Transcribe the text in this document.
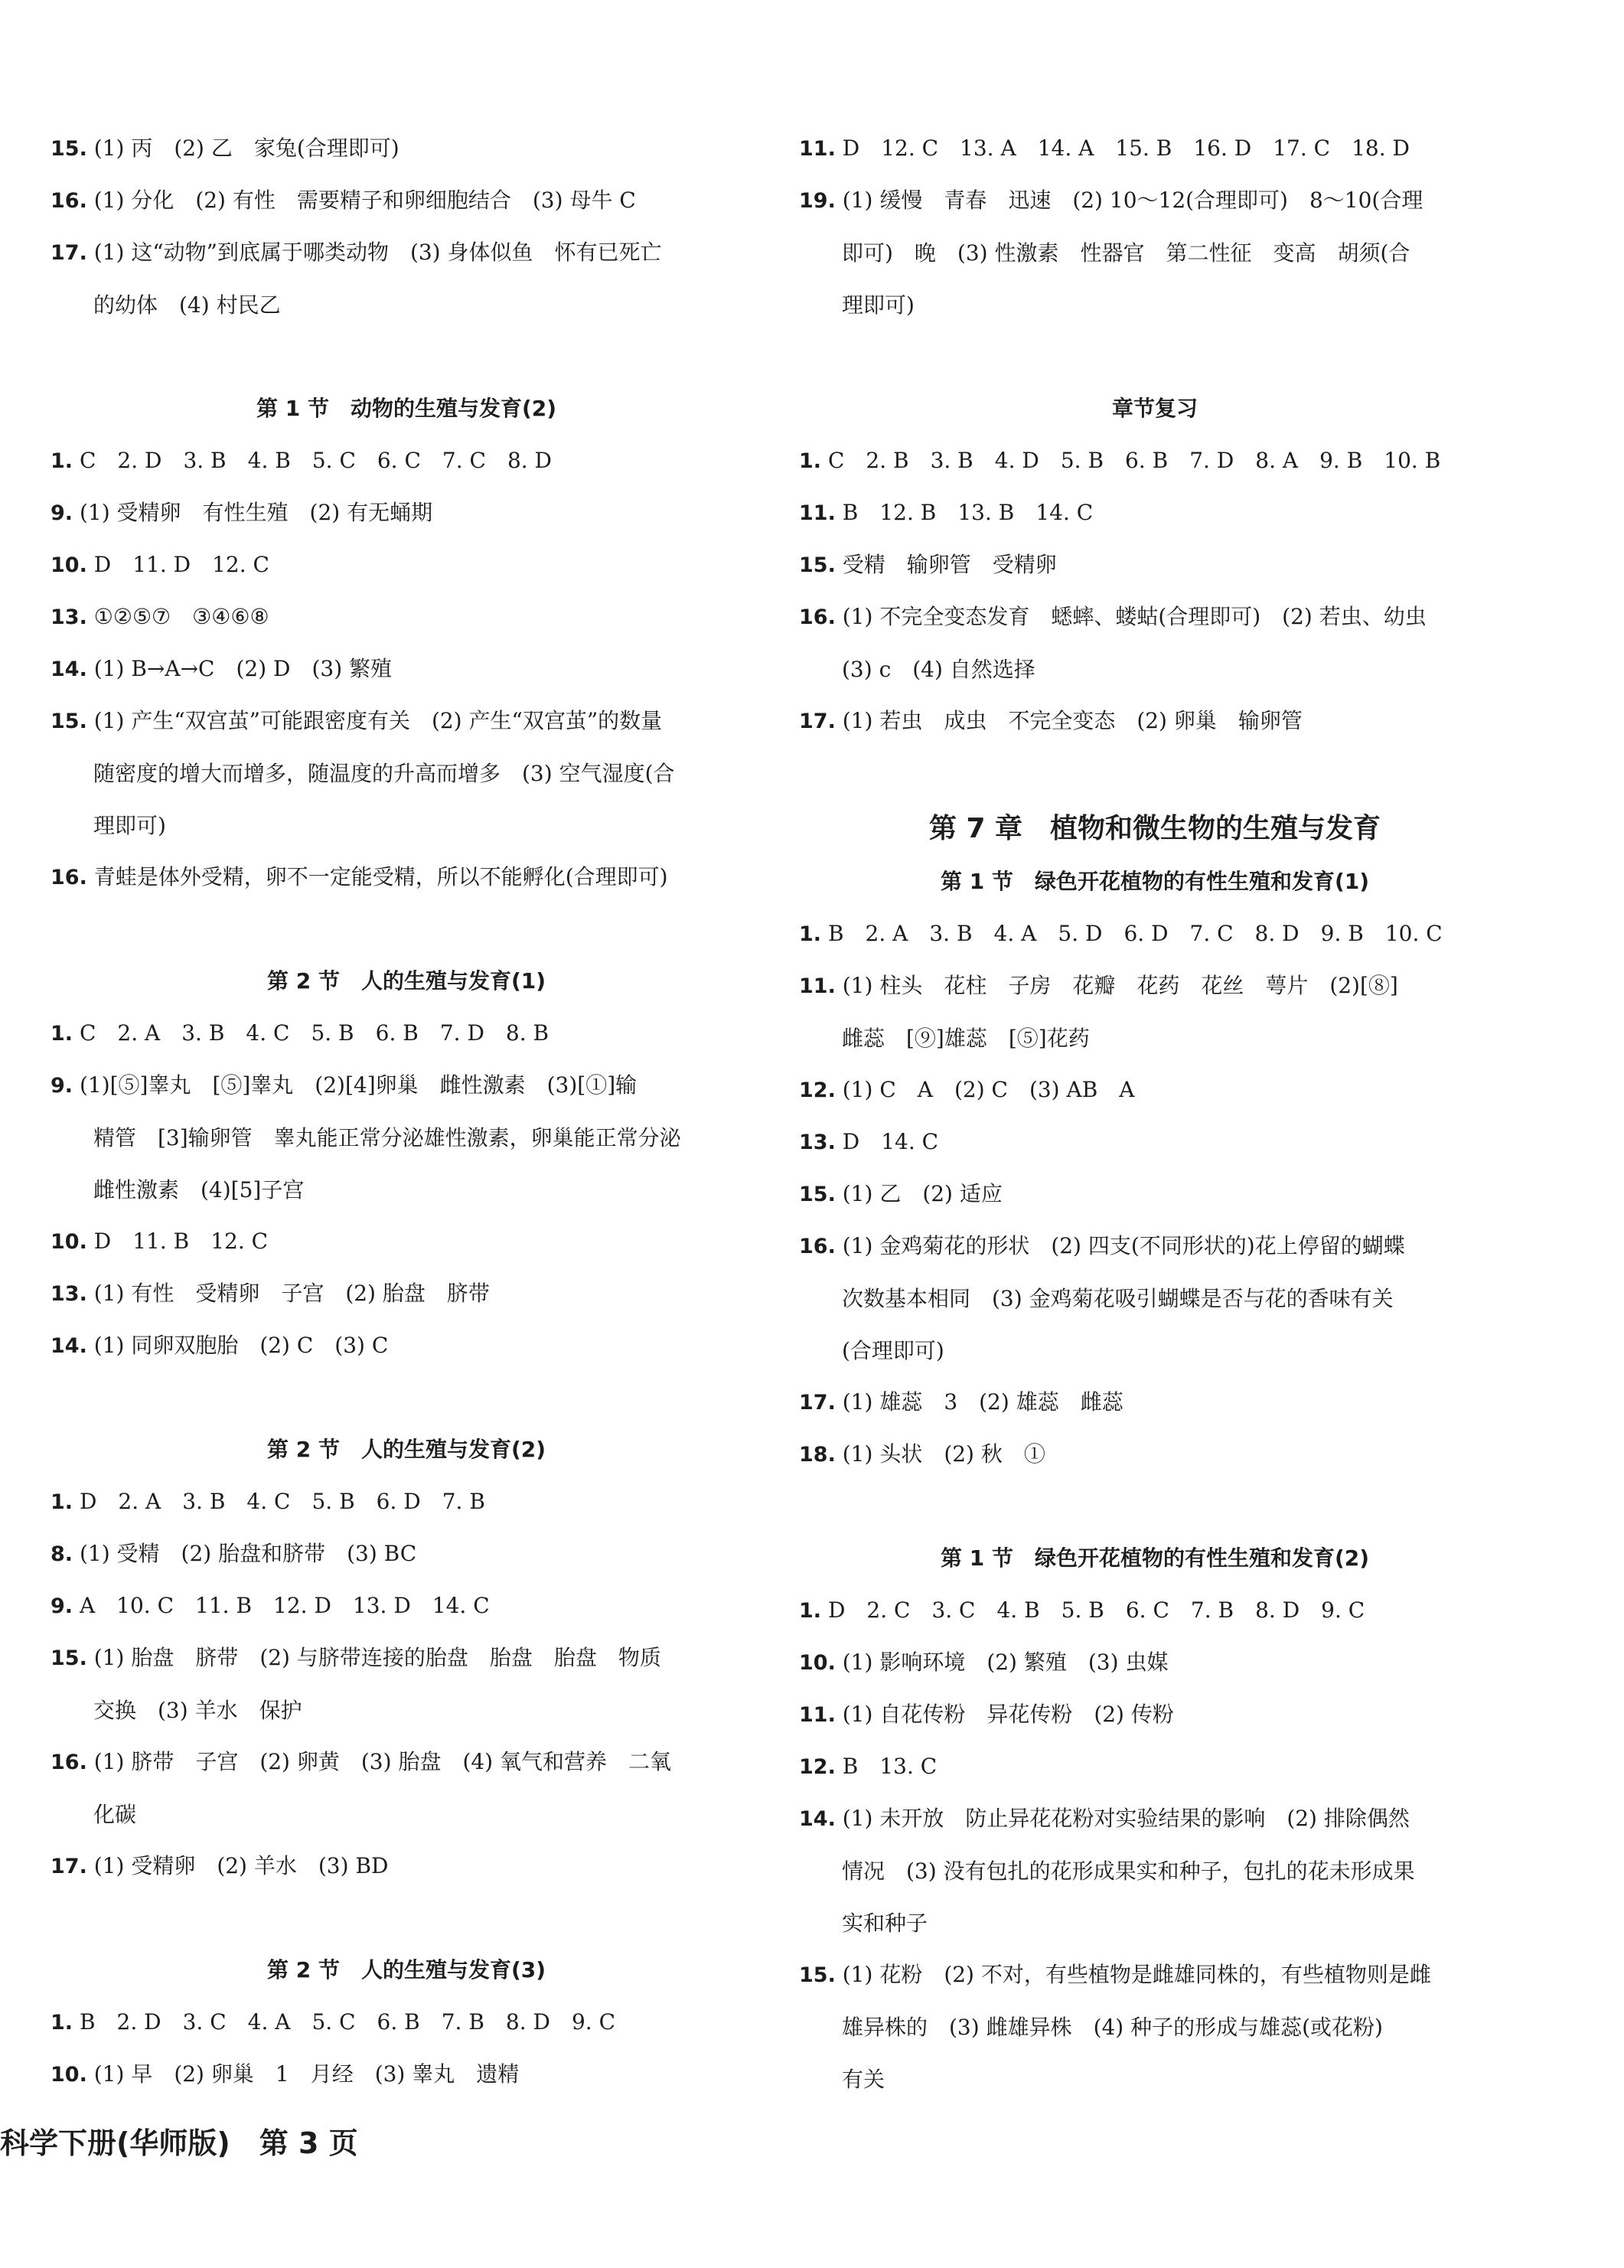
15. (1) 丙　(2) 乙　家兔(合理即可)
16. (1) 分化　(2) 有性　需要精子和卵细胞结合　(3) 母牛 C
17. (1) 这“动物”到底属于哪类动物　(3) 身体似鱼　怀有已死亡
的幼体　(4) 村民乙
第 1 节　动物的生殖与发育(2)
1. C　2. D　3. B　4. B　5. C　6. C　7. C　8. D
9. (1) 受精卵　有性生殖　(2) 有无蛹期
10. D　11. D　12. C
13. ①②⑤⑦　③④⑥⑧
14. (1) B→A→C　(2) D　(3) 繁殖
15. (1) 产生“双宫茧”可能跟密度有关　(2) 产生“双宫茧”的数量
随密度的增大而增多，随温度的升高而增多　(3) 空气湿度(合
理即可)
16. 青蛙是体外受精，卵不一定能受精，所以不能孵化(合理即可)
第 2 节　人的生殖与发育(1)
1. C　2. A　3. B　4. C　5. B　6. B　7. D　8. B
9. (1)[⑤]睾丸　[⑤]睾丸　(2)[4]卵巢　雌性激素　(3)[①]输
精管　[3]输卵管　睾丸能正常分泌雄性激素，卵巢能正常分泌
雌性激素　(4)[5]子宫
10. D　11. B　12. C
13. (1) 有性　受精卵　子宫　(2) 胎盘　脐带
14. (1) 同卵双胞胎　(2) C　(3) C
第 2 节　人的生殖与发育(2)
1. D　2. A　3. B　4. C　5. B　6. D　7. B
8. (1) 受精　(2) 胎盘和脐带　(3) BC
9. A　10. C　11. B　12. D　13. D　14. C
15. (1) 胎盘　脐带　(2) 与脐带连接的胎盘　胎盘　胎盘　物质
交换　(3) 羊水　保护
16. (1) 脐带　子宫　(2) 卵黄　(3) 胎盘　(4) 氧气和营养　二氧
化碳
17. (1) 受精卵　(2) 羊水　(3) BD
第 2 节　人的生殖与发育(3)
1. B　2. D　3. C　4. A　5. C　6. B　7. B　8. D　9. C
10. (1) 早　(2) 卵巢　1　月经　(3) 睾丸　遗精
11. D　12. C　13. A　14. A　15. B　16. D　17. C　18. D
19. (1) 缓慢　青春　迅速　(2) 10～12(合理即可)　8～10(合理
即可)　晚　(3) 性激素　性器官　第二性征　变高　胡须(合
理即可)
章节复习
1. C　2. B　3. B　4. D　5. B　6. B　7. D　8. A　9. B　10. B
11. B　12. B　13. B　14. C
15. 受精　输卵管　受精卵
16. (1) 不完全变态发育　蟋蟀、蝼蛄(合理即可)　(2) 若虫、幼虫
(3) c　(4) 自然选择
17. (1) 若虫　成虫　不完全变态　(2) 卵巢　输卵管
第 7 章　植物和微生物的生殖与发育
第 1 节　绿色开花植物的有性生殖和发育(1)
1. B　2. A　3. B　4. A　5. D　6. D　7. C　8. D　9. B　10. C
11. (1) 柱头　花柱　子房　花瓣　花药　花丝　萼片　(2)[⑧]
雌蕊　[⑨]雄蕊　[⑤]花药
12. (1) C　A　(2) C　(3) AB　A
13. D　14. C
15. (1) 乙　(2) 适应
16. (1) 金鸡菊花的形状　(2) 四支(不同形状的)花上停留的蝴蝶
次数基本相同　(3) 金鸡菊花吸引蝴蝶是否与花的香味有关
(合理即可)
17. (1) 雄蕊　3　(2) 雄蕊　雌蕊
18. (1) 头状　(2) 秋　①
第 1 节　绿色开花植物的有性生殖和发育(2)
1. D　2. C　3. C　4. B　5. B　6. C　7. B　8. D　9. C
10. (1) 影响环境　(2) 繁殖　(3) 虫媒
11. (1) 自花传粉　异花传粉　(2) 传粉
12. B　13. C
14. (1) 未开放　防止异花花粉对实验结果的影响　(2) 排除偶然
情况　(3) 没有包扎的花形成果实和种子，包扎的花未形成果
实和种子
15. (1) 花粉　(2) 不对，有些植物是雌雄同株的，有些植物则是雌
雄异株的　(3) 雌雄异株　(4) 种子的形成与雄蕊(或花粉)
有关
科学下册(华师版)　第 3 页
